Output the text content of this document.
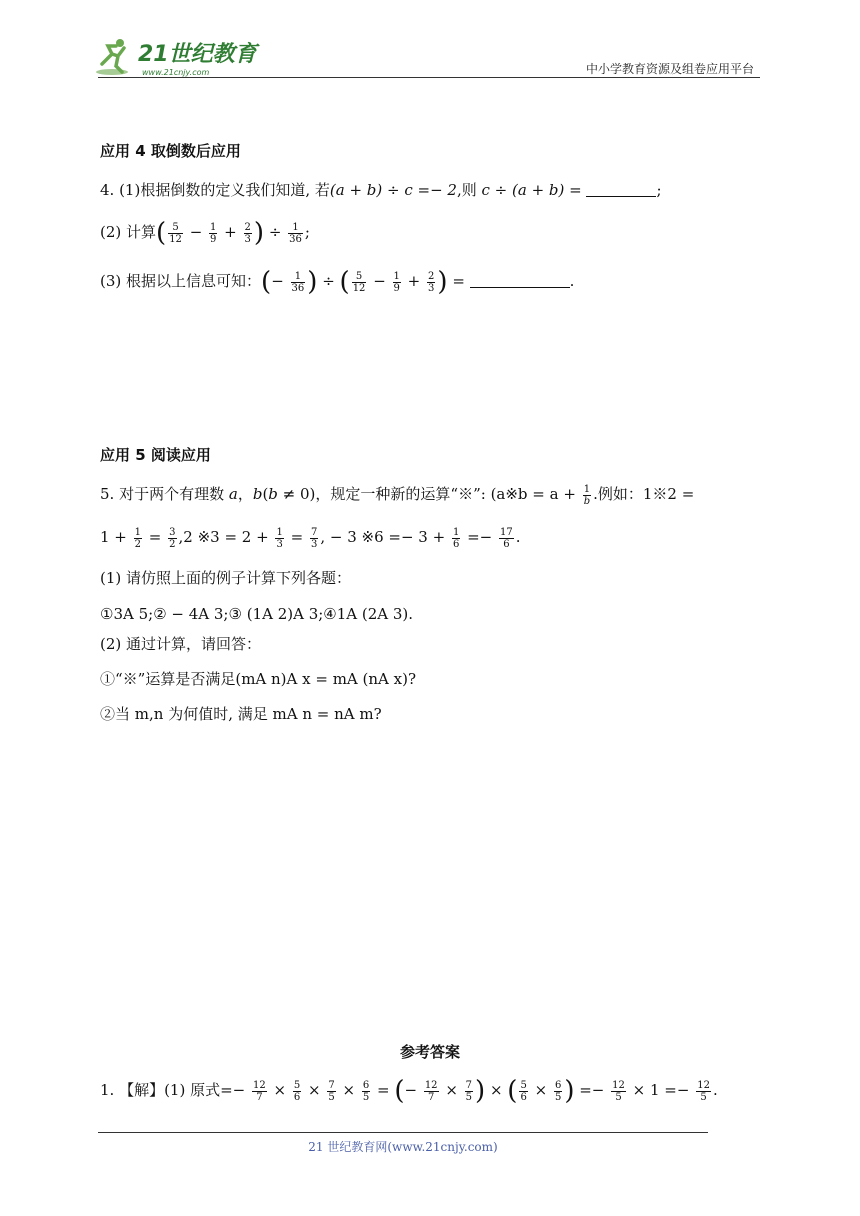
21世纪教育
www.21cnjy.com	中小学教育资源及组卷应用平台
应用 4 取倒数后应用
4. (1)根据倒数的定义我们知道, 若(a + b) ÷ c =− 2,则 c ÷ (a + b) =	;
(2) 计算( $\frac{5}{12} - \frac{1}{9} + \frac{2}{3}$ ) ÷ $\frac{1}{36}$ ;
(3) 根据以上信息可知：(− $\frac{1}{36}$ ) ÷ ( $\frac{5}{12} - \frac{1}{9} + \frac{2}{3}$ ) =	.
应用 5 阅读应用
5. 对于两个有理数 a，b(b ≠ 0)，规定一种新的运算“※”: (a※b = $a + \frac{1}{b}$ .例如：1※2 =
$1 + \frac{1}{2} = \frac{3}{2} ,2$ ※3 = $2 + \frac{1}{3} = \frac{7}{3}$ , − 3 ※6 =− $3 + \frac{1}{6} =- \frac{17}{6}$ .
(1) 请仿照上面的例子计算下列各题：
①3A 5;② − 4A 3;③ (1A 2)A 3;④1A (2A 3).
(2) 通过计算，请回答：
①“※”运算是否满足(mA n)A x = mA (nA x)?
②当 m,n 为何值时, 满足 mA n = nA m?
参考答案
1. 【解】(1) 原式=− $\frac{12}{7} \times \frac{5}{6} \times \frac{7}{5} \times \frac{6}{5}$ = (− $\frac{12}{7} \times \frac{7}{5}$ ) × ( $\frac{5}{6} \times \frac{6}{5}$ ) =− $\frac{12}{5} \times 1 =- \frac{12}{5}$ .
21 世纪教育网(www.21cnjy.com)
